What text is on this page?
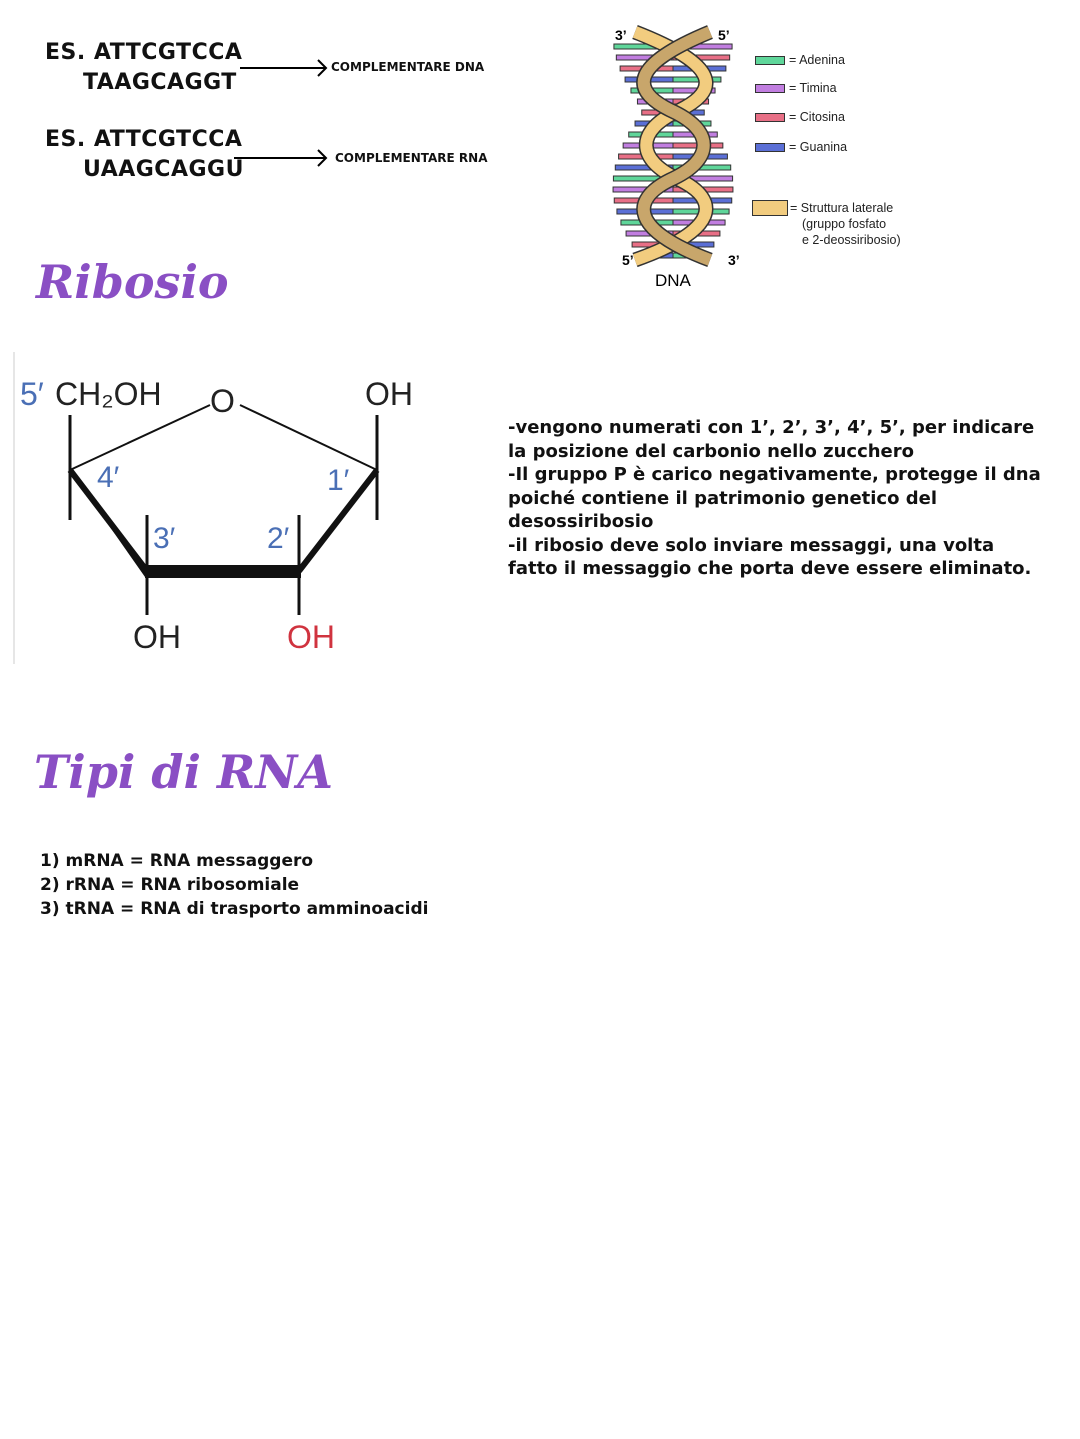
ES. ATTCGTCCA
TAAGCAGGT
COMPLEMENTARE DNA
ES. ATTCGTCCA
UAAGCAGGU	COMPLEMENTARE RNA
3’	5’
5’	3’
DNA
= Adenina
= Timina
= Citosina
= Guanina
= Struttura laterale
(gruppo fosfato
e 2-deossiribosio)
Ribosio
5′ CH₂OH O	OH
4′	1′
3′	2′
OH	OH
-vengono numerati con 1’, 2’, 3’, 4’, 5’, per indicare la posizione del carbonio nello zucchero
-Il gruppo P è carico negativamente, protegge il dna poiché contiene il patrimonio genetico del desossiribosio
-il ribosio deve solo inviare messaggi, una volta fatto il messaggio che porta deve essere eliminato.
Tipi di RNA
1) mRNA = RNA messaggero
2) rRNA = RNA ribosomiale
3) tRNA = RNA di trasporto amminoacidi
